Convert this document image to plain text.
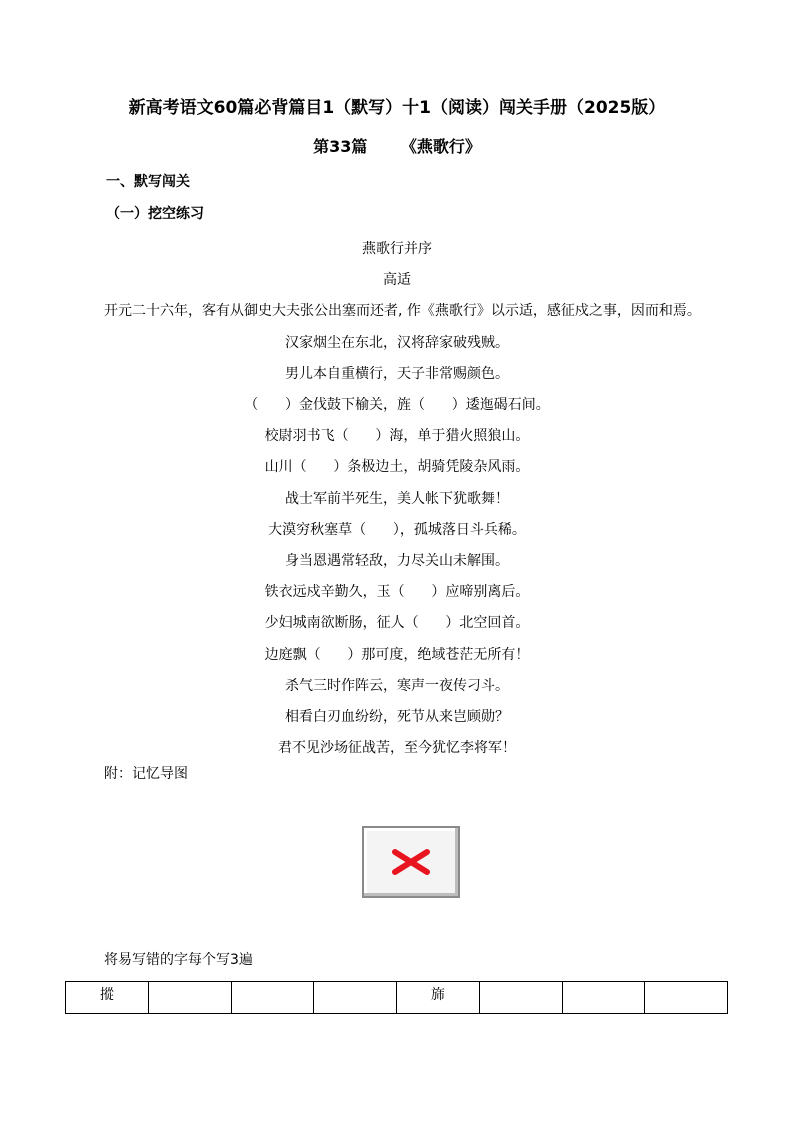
新高考语文60篇必背篇目1（默写）十1（阅读）闯关手册（2025版）
第33篇      《燕歌行》
一、默写闯关
（一）挖空练习
燕歌行并序
高适
开元二十六年，客有从御史大夫张公出塞而还者, 作《燕歌行》以示适，感征戍之事，因而和焉。
汉家烟尘在东北，汉将辞家破残贼。
男儿本自重横行，天子非常赐颜色。
（      ）金伐鼓下榆关，旌（      ）逶迤碣石间。
校尉羽书飞（      ）海，单于猎火照狼山。
山川（      ）条极边土，胡骑凭陵杂风雨。
战士军前半死生，美人帐下犹歌舞！
大漠穷秋塞草（      ），孤城落日斗兵稀。
身当恩遇常轻敌，力尽关山未解围。
铁衣远戍辛勤久，玉（      ）应啼别离后。
少妇城南欲断肠，征人（      ）北空回首。
边庭飘（      ）那可度，绝域苍茫无所有！
杀气三时作阵云，寒声一夜传刁斗。
相看白刃血纷纷，死节从来岂顾勋？
君不见沙场征战苦，至今犹忆李将军！
附：记忆导图
将易写错的字每个写3遍
摐				旆			
